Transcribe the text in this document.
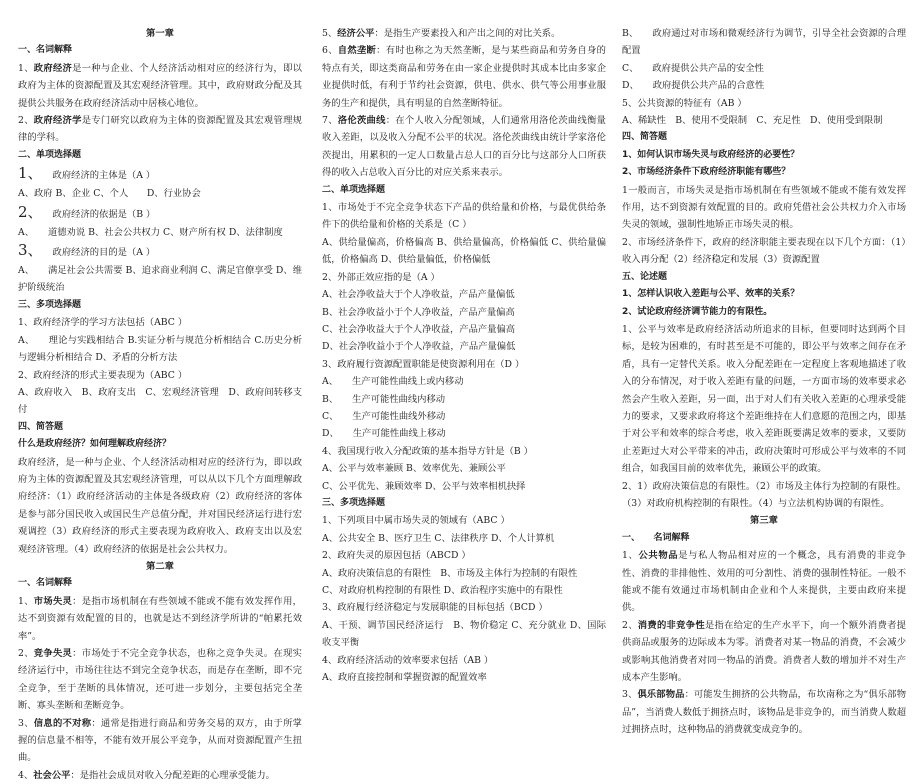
第一章
一、名词解释
1、政府经济是一种与企业、个人经济活动相对应的经济行为，即以政府为主体的资源配置及其宏观经济管理。其中，政府财政分配及其提供公共服务在政府经济活动中居核心地位。
2、政府经济学是专门研究以政府为主体的资源配置及其宏观管理规律的学科。
二、单项选择题
1、 政府经济的主体是（A ）
A、政府 B、企业 C、个人　　D、行业协会
2、 政府经济的依据是（B ）
A、　　道德劝说 B、社会公共权力 C、财产所有权 D、法律制度
3、 政府经济的目的是（A ）
A、　　满足社会公共需要 B、追求商业利润 C、满足官僚享受 D、维护阶级统治
三、多项选择题
1、政府经济学的学习方法包括（ABC ）
A、　　理论与实践相结合 B.实证分析与规范分析相结合 C.历史分析与逻辑分析相结合 D、矛盾的分析方法
2、政府经济的形式主要表现为（ABC ）
A、政府收入　B、政府支出　C、宏观经济管理　D、政府间转移支付
四、简答题
什么是政府经济？如何理解政府经济？
政府经济，是一种与企业、个人经济活动相对应的经济行为，即以政府为主体的资源配置及其宏观经济管理，可以从以下几个方面理解政府经济：（1）政府经济活动的主体是各级政府（2）政府经济的客体是参与部分国民收入或国民生产总值分配，并对国民经济运行进行宏观调控（3）政府经济的形式主要表现为政府收入、政府支出以及宏观经济管理。（4）政府经济的依据是社会公共权力。
第二章
一、名词解释
1、市场失灵：是指市场机制在有些领域不能或不能有效发挥作用，达不到资源有效配置的目的，也就是达不到经济学所讲的“帕累托效率”。
2、竞争失灵：市场处于不完全竞争状态，也称之竞争失灵。在现实经济运行中，市场往往达不到完全竞争状态，而是存在垄断，即不完全竞争，至于垄断的具体情况，还可进一步划分，主要包括完全垄断、寡头垄断和垄断竞争。
3、信息的不对称：通常是指进行商品和劳务交易的双方，由于所掌握的信息量不相等，不能有效开展公平竞争，从而对资源配置产生扭曲。
4、社会公平：是指社会成员对收入分配差距的心理承受能力。
5、经济公平：是指生产要素投入和产出之间的对比关系。
6、自然垄断：有时也称之为天然垄断，是与某些商品和劳务自身的特点有关，即这类商品和劳务在由一家企业提供时其成本比由多家企业提供时低，有利于节约社会资源，供电、供水、供气等公用事业服务的生产和提供，具有明显的自然垄断特征。
7、洛伦茨曲线：在个人收入分配领域，人们通常用洛伦茨曲线衡量收入差距，以及收入分配不公平的状况。洛伦茨曲线由统计学家洛伦茨提出，用累积的一定人口数量占总人口的百分比与这部分人口所获得的收入占总收入百分比的对应关系来表示。
二、单项选择题
1、市场处于不完全竞争状态下产品的供给量和价格，与最优供给条件下的供给量和价格的关系是（C ）
A、供给量偏高，价格偏高 B、供给量偏高，价格偏低 C、供给量偏低，价格偏高 D、供给量偏低，价格偏低
2、外部正效应指的是（A ）
A、社会净收益大于个人净收益，产品产量偏低
B、社会净收益小于个人净收益，产品产量偏高
C、社会净收益大于个人净收益，产品产量偏高
D、社会净收益小于个人净收益，产品产量偏低
3、政府履行资源配置职能是使资源利用在（D ）
A、　　生产可能性曲线上或内移动
B、　　生产可能性曲线内移动
C、　　生产可能性曲线外移动
D、　　生产可能性曲线上移动
4、我国现行收入分配政策的基本指导方针是（B ）
A、公平与效率兼顾 B、效率优先、兼顾公平
C、公平优先、兼顾效率 D、公平与效率相机抉择
三、多项选择题
1、下列项目中属市场失灵的领域有（ABC ）
A、公共安全 B、医疗卫生 C、法律秩序 D、个人计算机
2、政府失灵的原因包括（ABCD ）
A、政府决策信息的有限性　B、市场及主体行为控制的有限性
C、对政府机构控制的有限性 D、政治程序实施中的有限性
3、政府履行经济稳定与发展职能的目标包括（BCD ）
A、干预、调节国民经济运行　B、物价稳定 C、充分就业 D、国际收支平衡
4、政府经济活动的效率要求包括（AB ）
A、政府直接控制和掌握资源的配置效率
B、　　政府通过对市场和微观经济行为调节，引导全社会资源的合理配置
C、　　政府提供公共产品的安全性
D、　　政府提供公共产品的合意性
5、公共资源的特征有（AB ）
A、稀缺性　B、使用不受限制　C、充足性　D、使用受到限制
四、简答题
1、如何认识市场失灵与政府经济的必要性？
2、市场经济条件下政府经济职能有哪些？
1一般而言，市场失灵是指市场机制在有些领域不能或不能有效发挥作用，达不到资源有效配置的目的。政府凭借社会公共权力介入市场失灵的领域，强制性地矫正市场失灵的根。
2、市场经济条件下，政府的经济职能主要表现在以下几个方面：（1）收入再分配（2）经济稳定和发展（3）资源配置
五、论述题
1、怎样认识收入差距与公平、效率的关系？
2、试论政府经济调节能力的有限性。
1、公平与效率是政府经济活动所追求的目标，但要同时达到两个目标，是较为困难的，有时甚至是不可能的，即公平与效率之间存在矛盾，具有一定替代关系。收入分配差距在一定程度上客观地描述了收入的分布情况，对于收入差距有量的问题，一方面市场的效率要求必然会产生收入差距，另一面，出于对人们有关收入差距的心理承受能力的要求，又要求政府将这个差距维持在人们意愿的范围之内，即基于对公平和效率的综合考虑，收入差距既要满足效率的要求，又要防止差距过大对公平带来的冲击，政府决策时可形成公平与效率的不同组合，如我国目前的效率优先，兼顾公平的政策。
2、1）政府决策信息的有限性。（2）市场及主体行为控制的有限性。（3）对政府机构控制的有限性。（4）与立法机构协调的有限性。
第三章
一、　　名词解释
1、公共物品是与私人物品相对应的一个概念，具有消费的非竞争性、消费的非排他性、效用的可分割性、消费的强制性特征。一般不能或不能有效通过市场机制由企业和个人来提供，主要由政府来提供。
2、消费的非竞争性是指在给定的生产水平下，向一个额外消费者提供商品或服务的边际成本为零。消费者对某一物品的消费，不会减少或影响其他消费者对同一物品的消费。消费者人数的增加并不对生产成本产生影响。
3、俱乐部物品：可能发生拥挤的公共物品，布坎南称之为“俱乐部物品”，当消费人数低于拥挤点时，该物品是非竞争的，而当消费人数超过拥挤点时，这种物品的消费就变成竞争的。
